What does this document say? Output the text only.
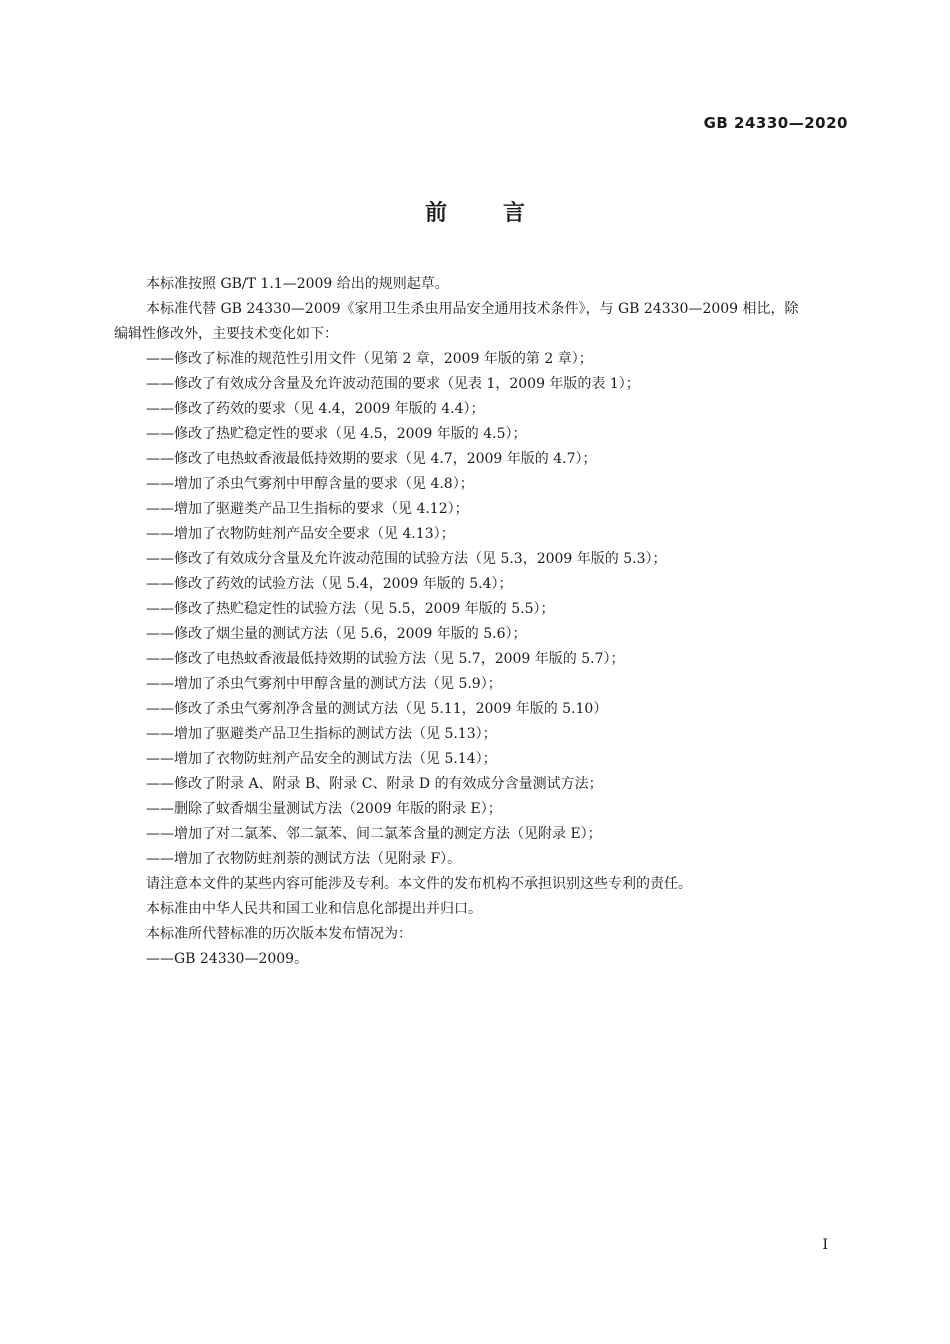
GB 24330—2020
前言

本标准按照 GB/T 1.1—2009 给出的规则起草。

本标准代替 GB 24330—2009《家用卫生杀虫用品安全通用技术条件》，与 GB 24330—2009 相比，除

编辑性修改外，主要技术变化如下：

——修改了标准的规范性引用文件（见第 2 章，2009 年版的第 2 章）；
——修改了有效成分含量及允许波动范围的要求（见表 1，2009 年版的表 1）；
——修改了药效的要求（见 4.4，2009 年版的 4.4）；
——修改了热贮稳定性的要求（见 4.5，2009 年版的 4.5）；
——修改了电热蚊香液最低持效期的要求（见 4.7，2009 年版的 4.7）；
——增加了杀虫气雾剂中甲醇含量的要求（见 4.8）；
——增加了驱避类产品卫生指标的要求（见 4.12）；
——增加了衣物防蛀剂产品安全要求（见 4.13）；
——修改了有效成分含量及允许波动范围的试验方法（见 5.3，2009 年版的 5.3）；
——修改了药效的试验方法（见 5.4，2009 年版的 5.4）；
——修改了热贮稳定性的试验方法（见 5.5，2009 年版的 5.5）；
——修改了烟尘量的测试方法（见 5.6，2009 年版的 5.6）；
——修改了电热蚊香液最低持效期的试验方法（见 5.7，2009 年版的 5.7）；
——增加了杀虫气雾剂中甲醇含量的测试方法（见 5.9）；
——修改了杀虫气雾剂净含量的测试方法（见 5.11，2009 年版的 5.10）
——增加了驱避类产品卫生指标的测试方法（见 5.13）；
——增加了衣物防蛀剂产品安全的测试方法（见 5.14）；
——修改了附录 A、附录 B、附录 C、附录 D 的有效成分含量测试方法；
——删除了蚊香烟尘量测试方法（2009 年版的附录 E）；
——增加了对二氯苯、邻二氯苯、间二氯苯含量的测定方法（见附录 E）；
——增加了衣物防蛀剂萘的测试方法（见附录 F）。

请注意本文件的某些内容可能涉及专利。本文件的发布机构不承担识别这些专利的责任。

本标准由中华人民共和国工业和信息化部提出并归口。

本标准所代替标准的历次版本发布情况为：

——GB 24330—2009。

I
